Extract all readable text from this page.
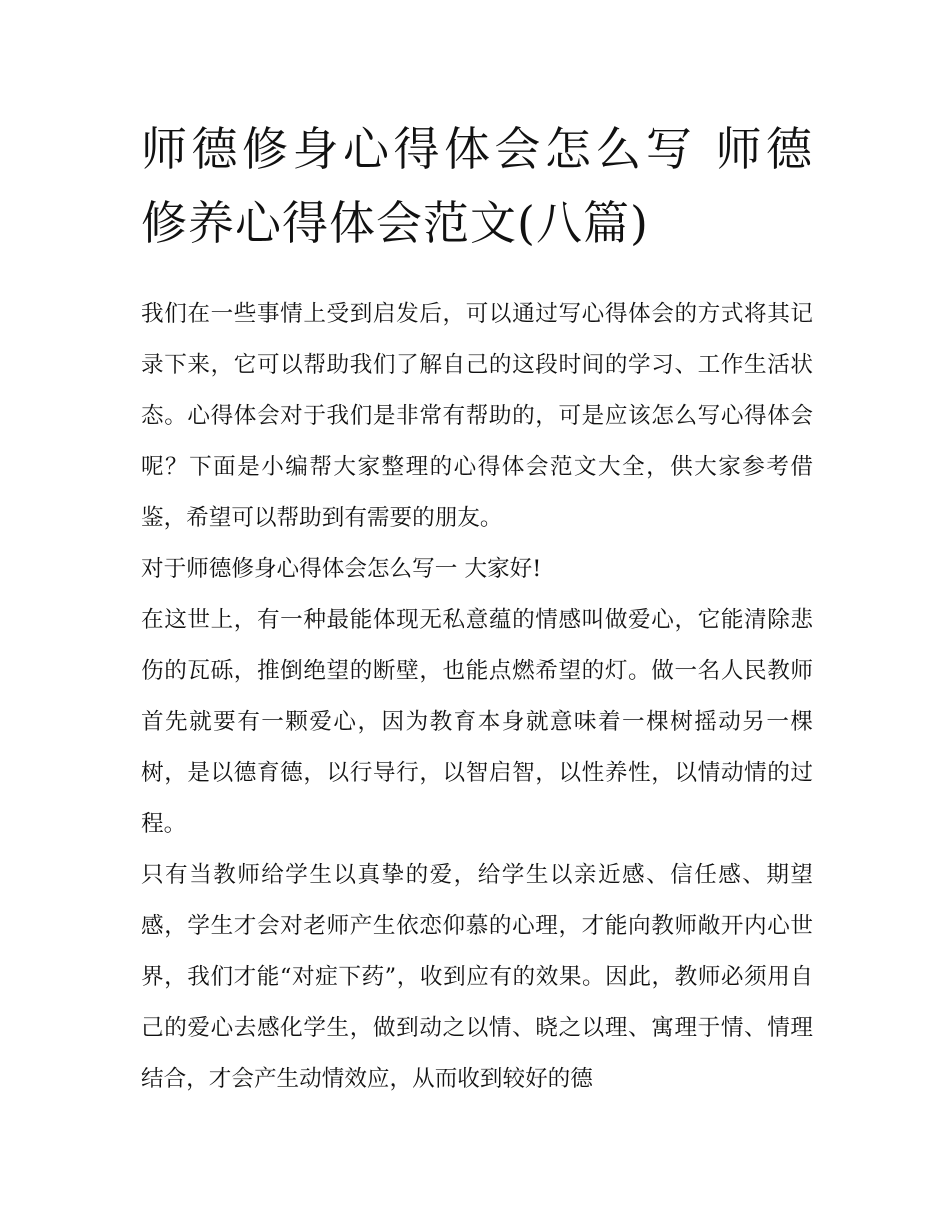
师德修身心得体会怎么写 师德修养心得体会范文(八篇)

我们在一些事情上受到启发后，可以通过写心得体会的方式将其记录下来，它可以帮助我们了解自己的这段时间的学习、工作生活状态。心得体会对于我们是非常有帮助的，可是应该怎么写心得体会呢？下面是小编帮大家整理的心得体会范文大全，供大家参考借鉴，希望可以帮助到有需要的朋友。

对于师德修身心得体会怎么写一 大家好!

在这世上，有一种最能体现无私意蕴的情感叫做爱心，它能清除悲伤的瓦砾，推倒绝望的断壁，也能点燃希望的灯。做一名人民教师首先就要有一颗爱心，因为教育本身就意味着一棵树摇动另一棵树，是以德育德，以行导行，以智启智，以性养性，以情动情的过程。

只有当教师给学生以真挚的爱，给学生以亲近感、信任感、期望感，学生才会对老师产生依恋仰慕的心理，才能向教师敞开内心世界，我们才能“对症下药”，收到应有的效果。因此，教师必须用自己的爱心去感化学生，做到动之以情、晓之以理、寓理于情、情理结合，才会产生动情效应，从而收到较好的德
